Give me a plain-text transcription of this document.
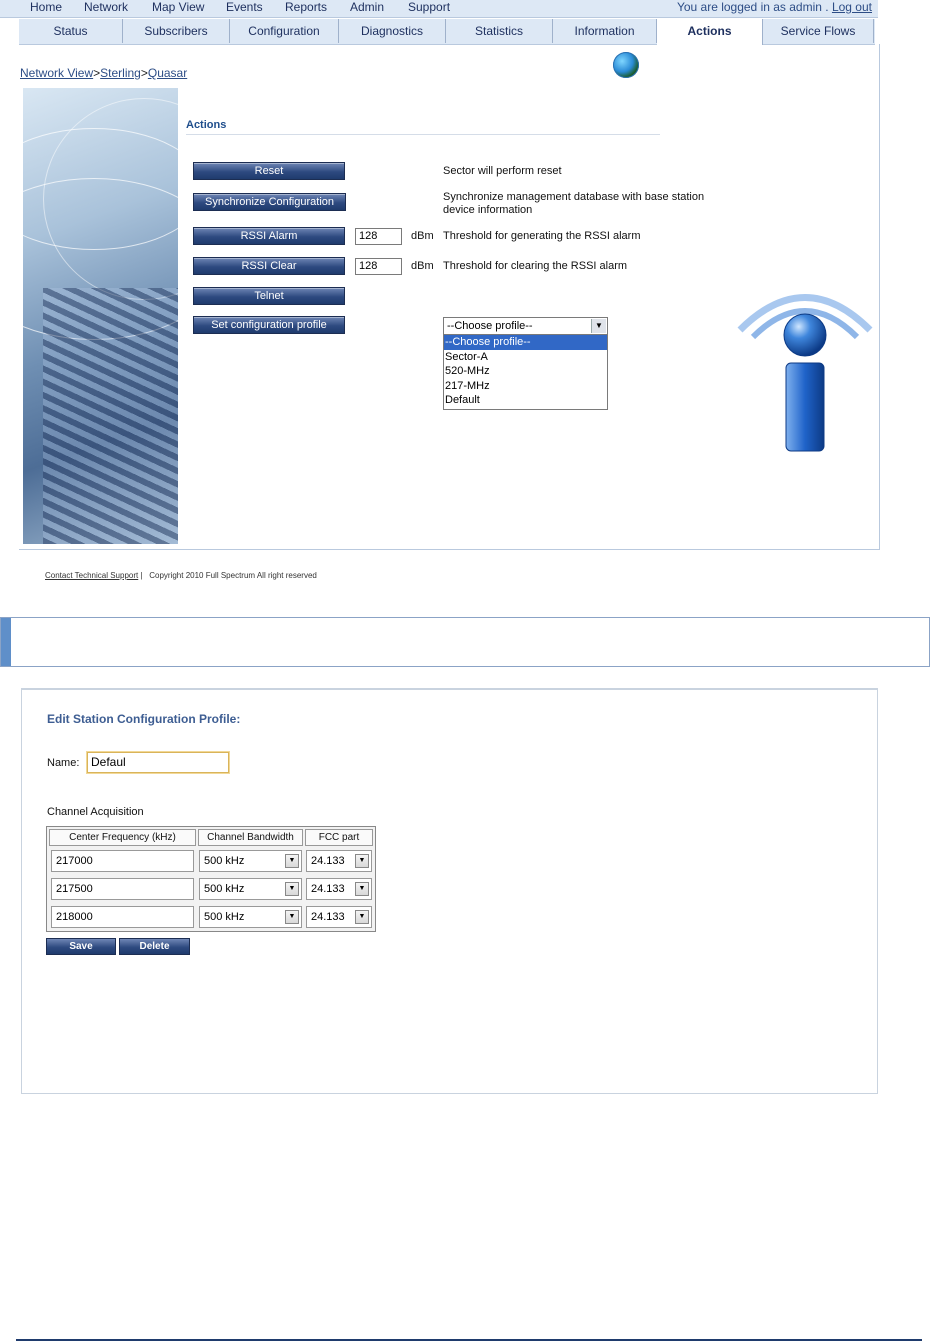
Home Network Map View Events Reports Admin Support	You are logged in as admin . Log out
Status	Subscribers	Configuration	Diagnostics	Statistics	Information	Actions	Service Flows
Network View>Sterling>Quasar
Actions
Reset	Sector will perform reset
Synchronize Configuration	Synchronize management database with base station
device information
RSSI Alarm	128	dBm Threshold for generating the RSSI alarm
RSSI Clear	128	dBm Threshold for clearing the RSSI alarm
Telnet
Set configuration profile	--Choose profile--	▼
--Choose profile--
Sector-A
520-MHz
217-MHz
Default
Contact Technical Support | Copyright 2010 Full Spectrum All right reserved
Edit Station Configuration Profile:
Name: Defaul
Channel Acquisition
Center Frequency (kHz)	Channel Bandwidth	FCC part
217000	500 kHz	▼	24.133	▼
217500	500 kHz	▼	24.133	▼
218000	500 kHz	▼	24.133	▼
Save	Delete
